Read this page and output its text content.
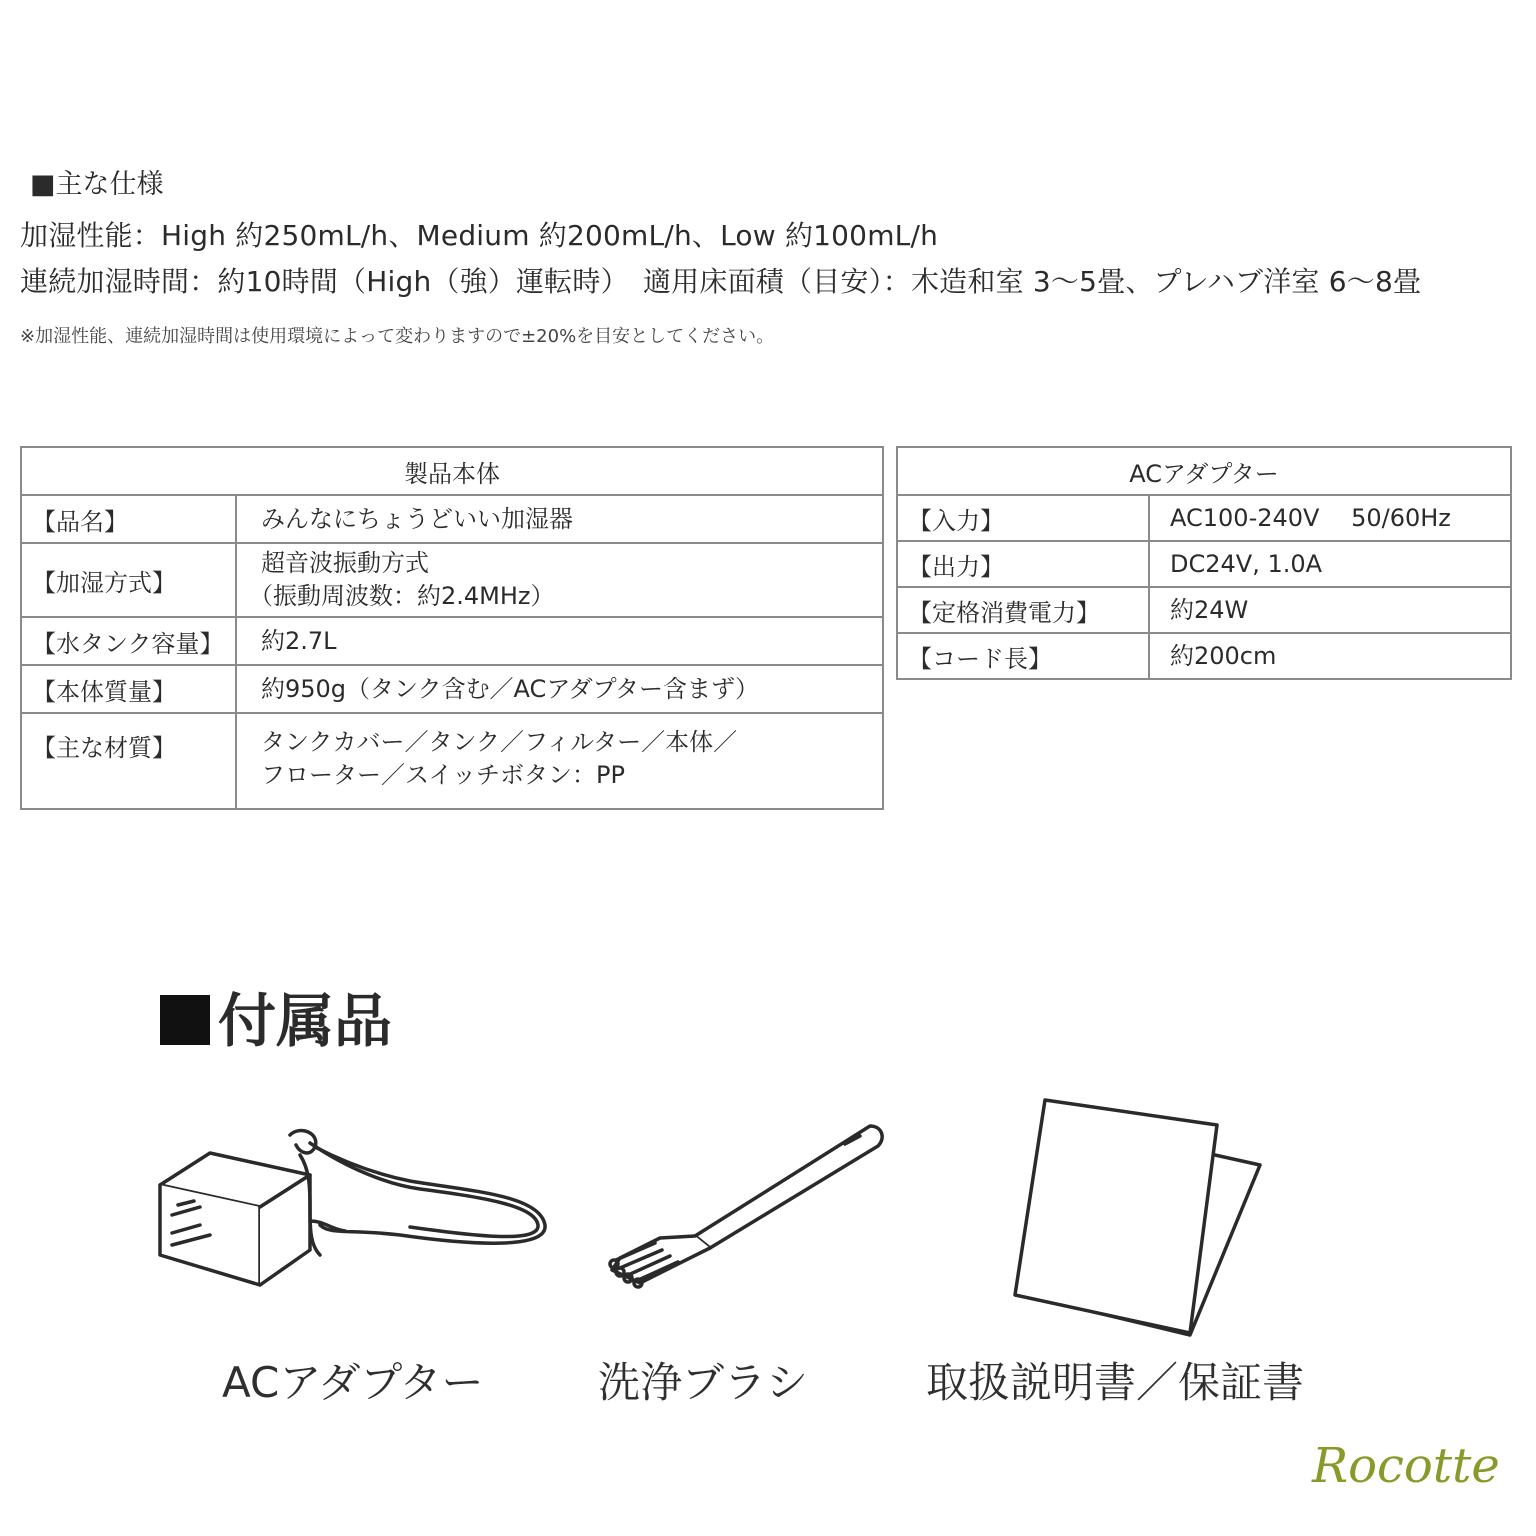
■主な仕様
加湿性能：High 約250mL/h、Medium 約200mL/h、Low 約100mL/h
連続加湿時間：約10時間（High（強）運転時）　適用床面積（目安）：木造和室 3〜5畳、プレハブ洋室 6〜8畳
※加湿性能、連続加湿時間は使用環境によって変わりますので±20%を目安としてください。
製品本体	
【品名】	みんなにちょうどいい加湿器
【加湿方式】	超音波振動方式
（振動周波数：約2.4MHz）

【水タンク容量】	約2.7L
【本体質量】	約950g（タンク含む／ACアダプター含まず）
【主な材質】	タンクカバー／タンク／フィルター／本体／
フローター／スイッチボタン：PP
ACアダプター	
【入力】	AC100-240V　 50/60Hz
【出力】	DC24V, 1.0A
【定格消費電力】	約24W
【コード長】	約200cm
付属品
ACアダプター	洗浄ブラシ	取扱説明書／保証書
Rocotte
